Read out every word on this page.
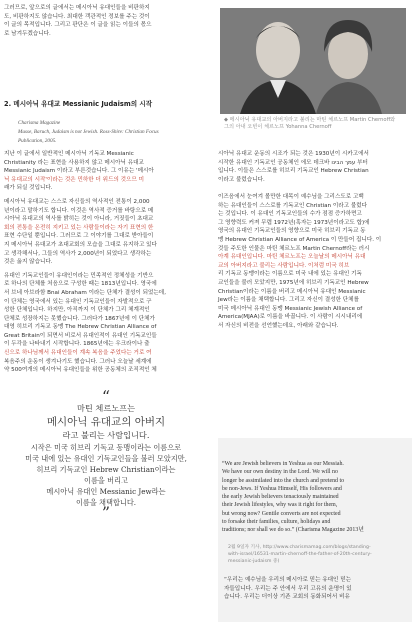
그러므로, 앞으로의 글에서는 메시아닉 유대인들을 비판하지
도, 비판하지도 않습니다. 최대한 객관적인 정보를 주는 것이
이 글의 목적입니다. 그리고 판단은 이 글을 읽는 이들의 몫으
로 남겨두겠습니다.
2. 메시아닉 유대교 Messianic Judaism의 시작
Charisma Magazine
Musse, Baruch, Judaism is not Jewish. Ross-Shire: Christian Focus
Publication, 2005.
◆ 메시아닉 유대교의 아버지라고 불리는 마틴 체르노프 Martin Chernoff와
그의 아내 오빈이 체르노프 Yohanna Chernoff
지난 이 글에서 일반적인 메시아닉 기독교 Messianic
Christianity 라는 표현을 사용하지 않고 메시아닉 유대교
Messianic Judaism 이라고 부른것습니다. 그 이유는 '메시아
닉 유대교의 시작'이라는 것은 민하한 더 위드의 것으므 미
래가 되실 것입니다.
메시아닉 유대교는 스스로 자신들의 역사적인 전통이 2,000
년이라고 말하기도 합니다. 이것은 역사적 증거를 바탕으로 메
시아닉 유대교의 역사를 밝히는 것이 아니라, 거짓들이 초대교
회의 전통을 온전히 지키고 있는 사람들이라는 자기 표현의 한
표현 수단일 뿐입니다. 그러므로 그 이야기를 그대로 받아들이
지 메시아닉 유대교가 초대교회의 모습을 그대로 유지하고 있다
고 생각해서나, 그들의 역사가 2,000년이 되었다고 생각하는
것은 옳지 않습니다.
유대인 기독교인들이 유대인이라는 민족적인 정체성을 기반으
로 하나의 단체를 처음으로 구성한 때는 1813년입니다. 영국에
서 브네 아브라함 Bnai Abraham 이라는 단체가 결성이 되었는데,
이 단체는 영국에서 있는 유대인 기독교인들이 자발적으로 구
성한 단체입니다. 하지만, 아직까지 이 단체가 그리 체계적인
단체로 성장하지는 못했습니다. 그러다가 1867년에 이 단체가
대영 히브리 기독교 동맹 The Hebrew Christian Alliance of
Great Britain이 되면서 비로서 유대인적이 유대인 기독교인들
이 두각을 나타내기 시작합니다. 1865년에는 우크라이나 출
신으로 하나님께서 유대인들이 계속 복음을 주었다는 거로 여
복음주의 운동이 생겨나기도 했습니다. 그러나 오늘날 세계에
약 500여개의 메시아닉 유대인들을 위한 공동체의 조직적인 체
시아닉 유대교 운동의 시조가 되는 것은 1930년이 시카고에서
시작한 유대인 기독교인 공동체인 에모 데크바 עמך הבינו 부터
입니다. 이들은 스스로를 히브리 기독교인 Hebrew Christian
이라고 불렀습니다.
이즈음에서 눈여겨 볼만한 대목이 예수님을 그리스도로 고백
하는 유대인들이 스스로를 기독교인 Christian 이라고 불렀다
는 것입니다. 이 유대인 기독교인들의 수가 점점 증가하면고
그 영향력도 커져 무렵 1972년(혹자는 1973년이라고도 합)에
영국의 유대인 기독교인들의 영향으로 미국 히브리 기독교 동
맹 Hebrew Christian Alliance of America 이 만들어 집니다. 이
것들 주도한 인물은 마틴 체르노프 Martin Chernoff라는 러시
아계 유대인입니다. 마틴 체르노프는 오늘날의 메시아닉 유대
교의 아버지라고 불리는 사람입니다. 이처럼 미국 히브
리 기독교 동맹이라는 이름으로 미국 내에 있는 유대인 기독
교인들을 불러 모았지만, 1975년에 히브리 기독교인 Hebrew
Christian이라는 이름을 버리고 메시아닉 유대인 Messianic
Jew라는 이름을 채택합니다. 그리고 자신이 결성한 단체를
미국 메시아닉 유대인 동맹 Messianic Jewish Alliance of
America(MJAA)로 이름을 바꿉니다. 이 사람이 시시내리에
서 자신의 비전을 선언했는데요, 아래와 같습니다.
“
마틴 체르노프는
메시아닉 유대교의 아버지
라고 불리는 사람입니다.
시작은 미국 히브리 기독교 동맹이라는 이름으로
미국 내에 있는 유대인 기독교인들을 불러 모았지만,
히브리 기독교인 Hebrew Christian이라는
이름을 버리고
메시아닉 유대인 Messianic Jew라는
이름을 채택합니다.
”
“We are Jewish believers in Yeshua as our Messiah.
We have our own destiny in the Lord. We will no
longer be assimilated into the church and pretend to
be non-Jews. If Yeshua Himself, His followers and
the early Jewish believers tenaciously maintained
their Jewish lifestyles, why was it right for them,
but wrong now? Gentile converts are not expected
to forsake their families, culture, holidays and
traditions; nor shall we do so.” (Charisma Magazine 2013년
2월 9일자 기사, http://www.charismamag.com/blogs/standing-
with-israel/16531-martin-chernoff-the-father-of-20th-century-
messianic-judaism 중)
“우리는 예수님을 우리의 메시아로 믿는 유대인 믿는
자들입니다. 우리는 주 안에서 우리 고유의 운명이 있
습니다. 우리는 더이상 기존 교회의 동화되어서 비유
